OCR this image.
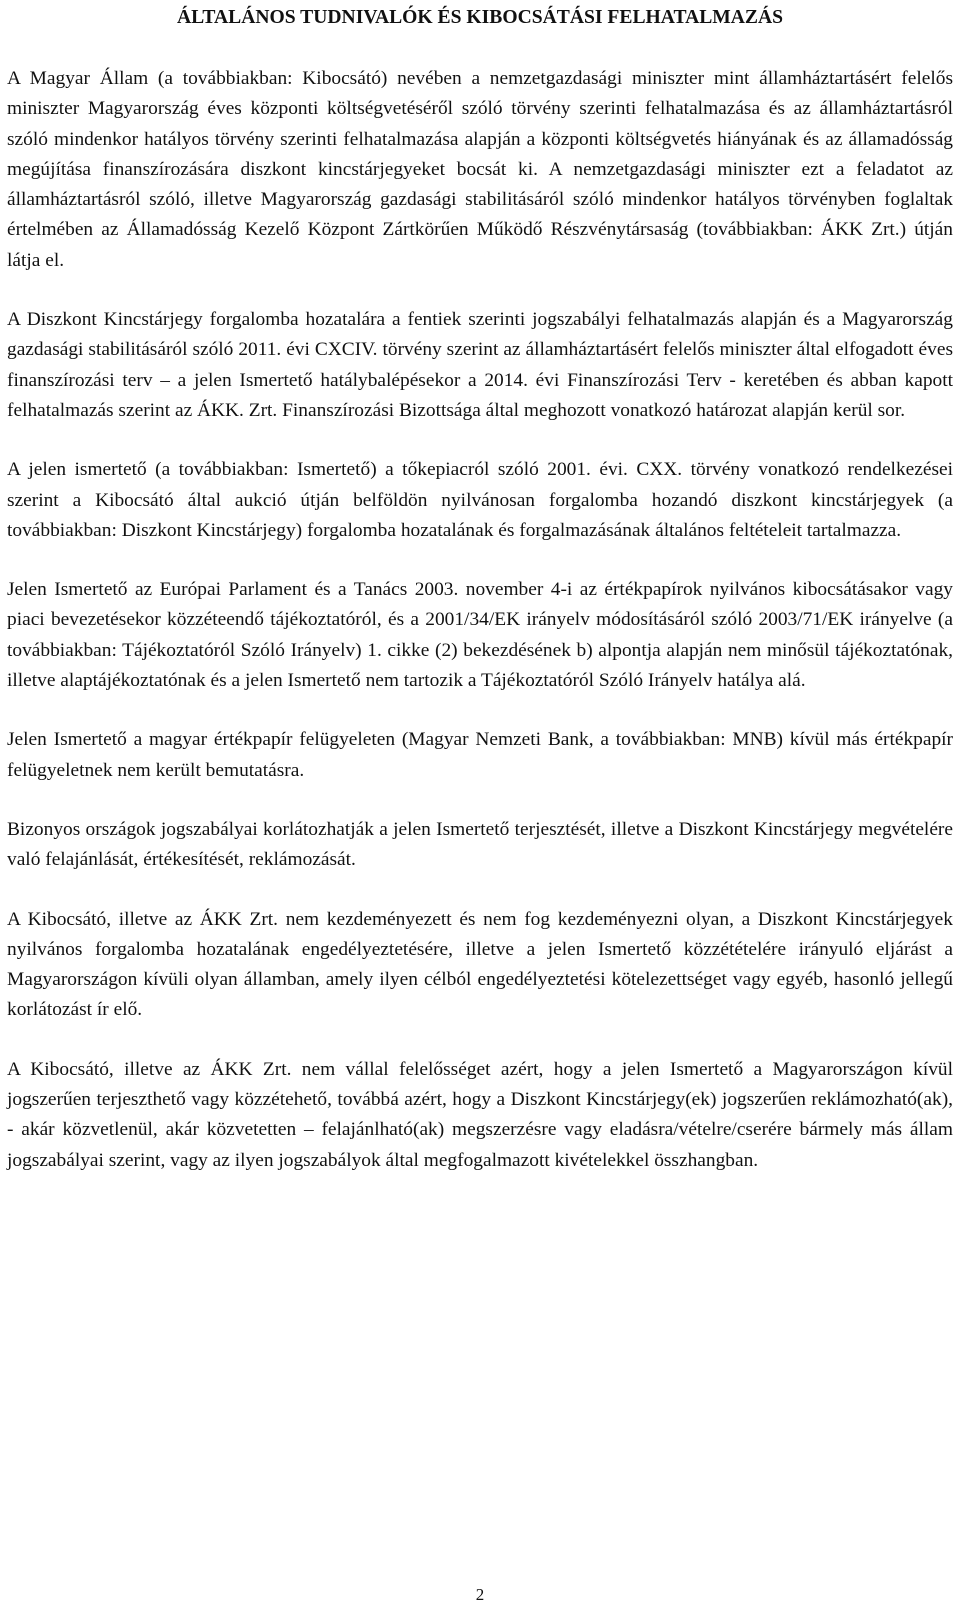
ÁLTALÁNOS TUDNIVALÓK ÉS KIBOCSÁTÁSI FELHATALMAZÁS

A Magyar Állam (a továbbiakban: Kibocsátó) nevében a nemzetgazdasági miniszter mint államháztartásért felelős miniszter Magyarország éves központi költségvetéséről szóló törvény szerinti felhatalmazása és az államháztartásról szóló mindenkor hatályos törvény szerinti felhatalmazása alapján a központi költségvetés hiányának és az államadósság megújítása finanszírozására diszkont kincstárjegyeket bocsát ki. A nemzetgazdasági miniszter ezt a feladatot az államháztartásról szóló, illetve Magyarország gazdasági stabilitásáról szóló mindenkor hatályos törvényben foglaltak értelmében az Államadósság Kezelő Központ Zártkörűen Működő Részvénytársaság (továbbiakban: ÁKK Zrt.) útján látja el.

A Diszkont Kincstárjegy forgalomba hozatalára a fentiek szerinti jogszabályi felhatalmazás alapján és a Magyarország gazdasági stabilitásáról szóló 2011. évi CXCIV. törvény szerint az államháztartásért felelős miniszter által elfogadott éves finanszírozási terv – a jelen Ismertető hatálybalépésekor a 2014. évi Finanszírozási Terv - keretében és abban kapott felhatalmazás szerint az ÁKK. Zrt. Finanszírozási Bizottsága által meghozott vonatkozó határozat alapján kerül sor.

A jelen ismertető (a továbbiakban: Ismertető) a tőkepiacról szóló 2001. évi. CXX. törvény vonatkozó rendelkezései szerint a Kibocsátó által aukció útján belföldön nyilvánosan forgalomba hozandó diszkont kincstárjegyek (a továbbiakban: Diszkont Kincstárjegy) forgalomba hozatalának és forgalmazásának általános feltételeit tartalmazza.

Jelen Ismertető az Európai Parlament és a Tanács 2003. november 4-i az értékpapírok nyilvános kibocsátásakor vagy piaci bevezetésekor közzéteendő tájékoztatóról, és a 2001/34/EK irányelv módosításáról szóló 2003/71/EK irányelve (a továbbiakban: Tájékoztatóról Szóló Irányelv) 1. cikke (2) bekezdésének b) alpontja alapján nem minősül tájékoztatónak, illetve alaptájékoztatónak és a jelen Ismertető nem tartozik a Tájékoztatóról Szóló Irányelv hatálya alá.

Jelen Ismertető a magyar értékpapír felügyeleten (Magyar Nemzeti Bank, a továbbiakban: MNB) kívül más értékpapír felügyeletnek nem került bemutatásra.

Bizonyos országok jogszabályai korlátozhatják a jelen Ismertető terjesztését, illetve a Diszkont Kincstárjegy megvételére való felajánlását, értékesítését, reklámozását.

A Kibocsátó, illetve az ÁKK Zrt. nem kezdeményezett és nem fog kezdeményezni olyan, a Diszkont Kincstárjegyek nyilvános forgalomba hozatalának engedélyeztetésére, illetve a jelen Ismertető közzétételére irányuló eljárást a Magyarországon kívüli olyan államban, amely ilyen célból engedélyeztetési kötelezettséget vagy egyéb, hasonló jellegű korlátozást ír elő.

A Kibocsátó, illetve az ÁKK Zrt. nem vállal felelősséget azért, hogy a jelen Ismertető a Magyarországon kívül jogszerűen terjeszthető vagy közzétehető, továbbá azért, hogy a Diszkont Kincstárjegy(ek) jogszerűen reklámozható(ak), - akár közvetlenül, akár közvetetten – felajánlható(ak) megszerzésre vagy eladásra/vételre/cserére bármely más állam jogszabályai szerint, vagy az ilyen jogszabályok által megfogalmazott kivételekkel összhangban.

2
